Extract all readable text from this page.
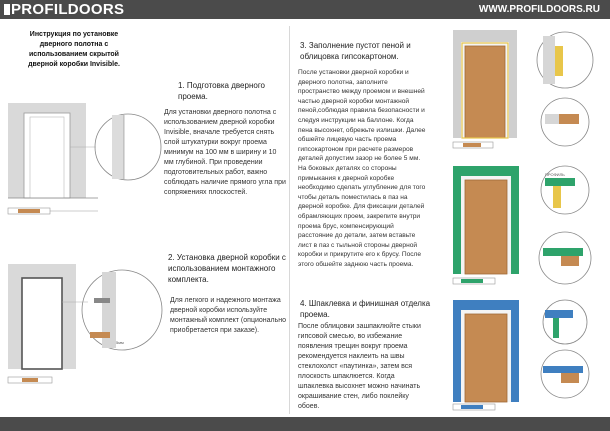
PROFILDOORS	WWW.PROFILDOORS.RU
Инструкция по установке дверного полотна с использованием скрытой дверной коробки Invisible.
1. Подготовка дверного проема.
Для установки дверного полотна с использованием дверной коробки Invisible, вначале требуется снять слой штукатурки вокруг проема минимум на 100 мм в ширину и 10 мм глубиной. При проведении подготовительных работ, важно соблюдать наличие прямого угла при сопряжениях плоскостей.
2. Установка дверной коробки с использованием монтажного комплекта.
Для легкого и надежного монтажа дверной коробки используйте монтажный комплект (опционально приобретается при заказе).
5мм
3. Заполнение пустот пеной и облицовка гипсокартоном.
После установки дверной коробки и дверного полотна, заполните пространство между проемом и внешней частью дверной коробки монтажной пеной,соблюдая правила безопасности и следуя инструкции на баллоне. Когда пена высохнет, обрежьте излишки. Далее обшейте лицевую часть проема гипсокартоном при расчете размеров деталей допустим зазор не более 5 мм. На боковых деталях со стороны примыкания к дверной коробке необходимо сделать углубление для того чтобы деталь поместилась в паз на дверной коробке. Для фиксации деталей обрамляющих проем, закрепите внутри проема брус, компенсирующий расстояние до детали, затем вставьте лист в паз с тыльной стороны дверной коробки и прикрутите его к брусу. После этого обшейте заднюю часть проема.
4. Шпаклевка и финишная отделка проема.
После облицовки зашпаклюйте стыки гипсовой смесью, во избежание появления трещин вокруг проема рекомендуется наклеить на швы стеклохолст «паутинка», затем вся плоскость шпаклюется. Когда шпаклевка высохнет можно начинать окрашивание стен, либо поклейку обоев.
ПРОФИЛЬ
